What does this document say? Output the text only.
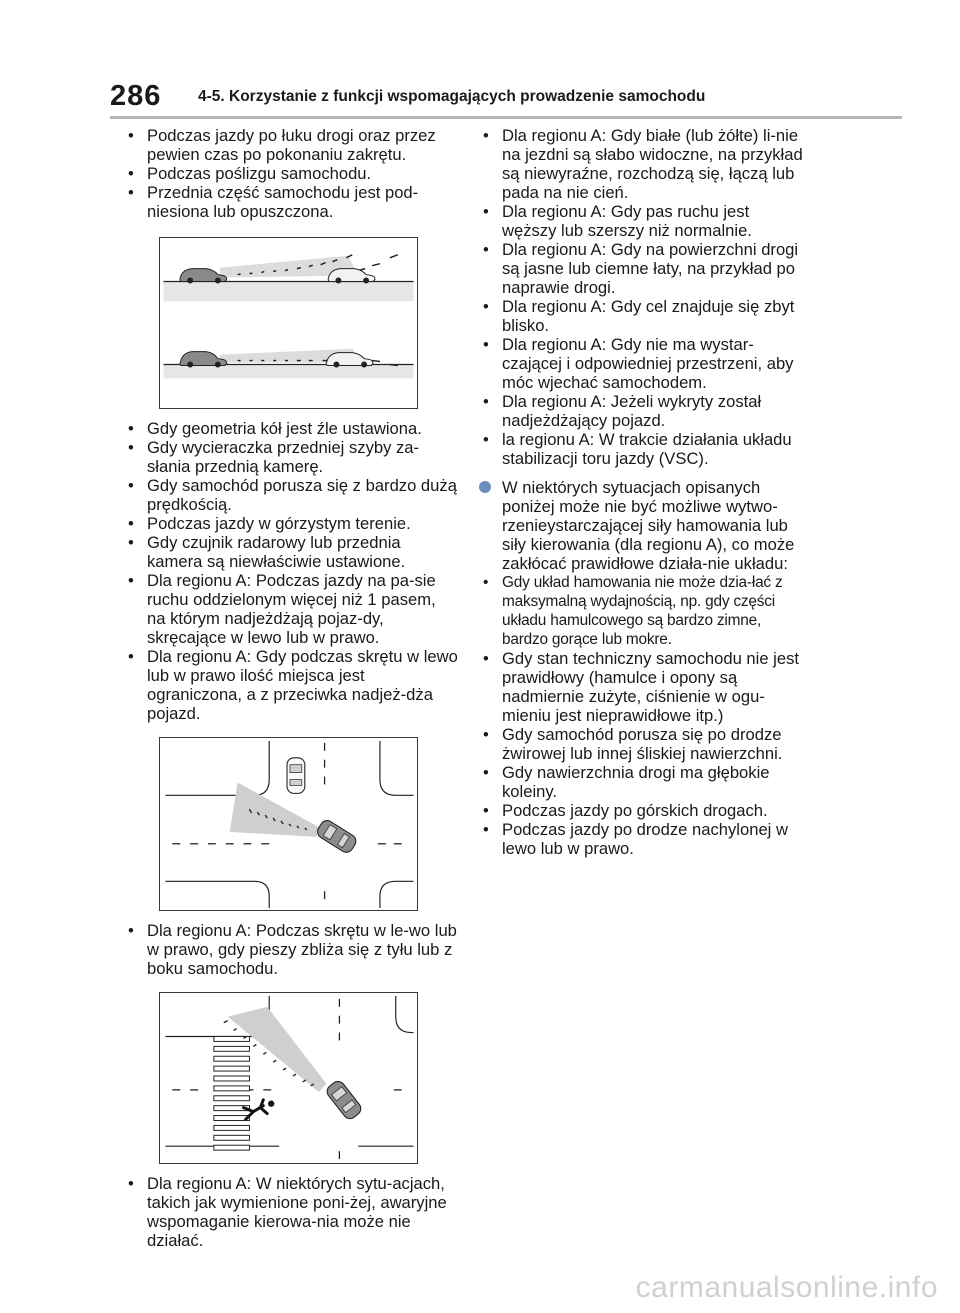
286 4-5. Korzystanie z funkcji wspomagających prowadzenie samochodu
• Podczas jazdy po łuku drogi oraz przez pewien czas po pokonaniu zakrętu.
• Podczas poślizgu samochodu.
• Przednia część samochodu jest pod-niesiona lub opuszczona.
• Gdy geometria kół jest źle ustawiona.
• Gdy wycieraczka przedniej szyby za-słania przednią kamerę.
• Gdy samochód porusza się z bardzo dużą prędkością.
• Podczas jazdy w górzystym terenie.
• Gdy czujnik radarowy lub przednia kamera są niewłaściwie ustawione.
• Dla regionu A: Podczas jazdy na pa-sie ruchu oddzielonym więcej niż 1 pasem, na którym nadjeżdżają pojaz-dy, skręcające w lewo lub w prawo.
• Dla regionu A: Gdy podczas skrętu w lewo lub w prawo ilość miejsca jest ograniczona, a z przeciwka nadjeż-dża pojazd.
• Dla regionu A: Podczas skrętu w le-wo lub w prawo, gdy pieszy zbliża się z tyłu lub z boku samochodu.
• Dla regionu A: W niektórych sytu-acjach, takich jak wymienione poni-żej, awaryjne wspomaganie kierowa-nia może nie działać.
• Dla regionu A: Gdy białe (lub żółte) li-nie na jezdni są słabo widoczne, na przykład są niewyraźne, rozchodzą się, łączą lub pada na nie cień.
• Dla regionu A: Gdy pas ruchu jest węższy lub szerszy niż normalnie.
• Dla regionu A: Gdy na powierzchni drogi są jasne lub ciemne łaty, na przykład po naprawie drogi.
• Dla regionu A: Gdy cel znajduje się zbyt blisko.
• Dla regionu A: Gdy nie ma wystar-czającej i odpowiedniej przestrzeni, aby móc wjechać samochodem.
• Dla regionu A: Jeżeli wykryty został nadjeżdżający pojazd.
• la regionu A: W trakcie działania układu stabilizacji toru jazdy (VSC).
W niektórych sytuacjach opisanych poniżej może nie być możliwe wytwo-rzenieystarczającej siły hamowania lub siły kierowania (dla regionu A), co może zakłócać prawidłowe działa-nie układu:
• Gdy układ hamowania nie może dzia-łać z maksymalną wydajnością, np. gdy części układu hamulcowego są bardzo zimne, bardzo gorące lub mokre.
• Gdy stan techniczny samochodu nie jest prawidłowy (hamulce i opony są nadmiernie zużyte, ciśnienie w ogu-mieniu jest nieprawidłowe itp.)
• Gdy samochód porusza się po drodze żwirowej lub innej śliskiej nawierzchni.
• Gdy nawierzchnia drogi ma głębokie koleiny.
• Podczas jazdy po górskich drogach.
• Podczas jazdy po drodze nachylonej w lewo lub w prawo.
carmanualsonline.info
